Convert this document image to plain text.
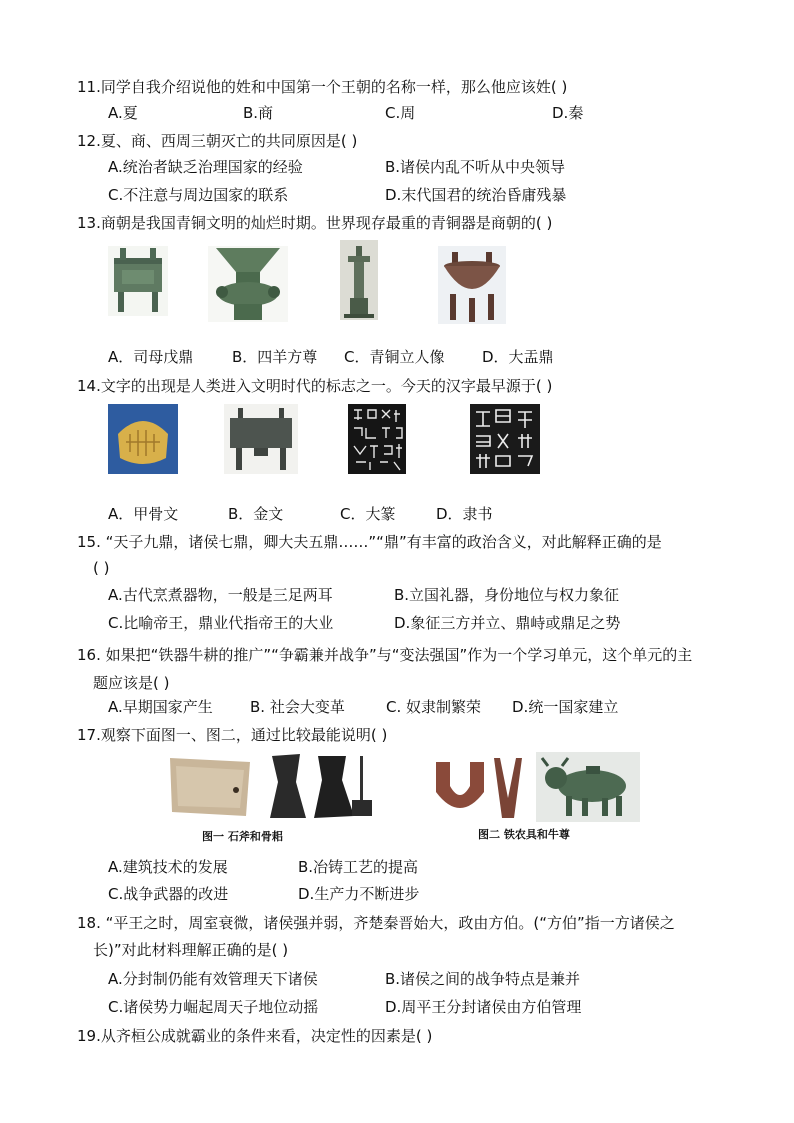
11.同学自我介绍说他的姓和中国第一个王朝的名称一样，那么他应该姓( )
A.夏	B.商	C.周	D.秦
12.夏、商、西周三朝灭亡的共同原因是( )
A.统治者缺乏治理国家的经验	B.诸侯内乱不听从中央领导
C.不注意与周边国家的联系	D.末代国君的统治昏庸残暴
13.商朝是我国青铜文明的灿烂时期。世界现存最重的青铜器是商朝的( )
A．司母戊鼎	B．四羊方尊 C．青铜立人像	D．大盂鼎
14.文字的出现是人类进入文明时代的标志之一。今天的汉字最早源于( )
A．甲骨文	B．金文	C．大篆	D．隶书
15. “天子九鼎，诸侯七鼎，卿大夫五鼎……”“鼎”有丰富的政治含义，对此解释正确的是
( )
A.古代烹煮器物，一般是三足两耳	B.立国礼器，身份地位与权力象征
C.比喻帝王，鼎业代指帝王的大业	D.象征三方并立、鼎峙或鼎足之势
16. 如果把“铁器牛耕的推广”“争霸兼并战争”与“变法强国”作为一个学习单元，这个单元的主
题应该是( )
A.早期国家产生 B. 社会大变革	C. 奴隶制繁荣 D.统一国家建立
17.观察下面图一、图二，通过比较最能说明( )
图一 石斧和骨耜	图二 铁农具和牛尊
A.建筑技术的发展	B.冶铸工艺的提高
C.战争武器的改进	D.生产力不断进步
18. “平王之时，周室衰微，诸侯强并弱，齐楚秦晋始大，政由方伯。(“方伯”指一方诸侯之
长)”对此材料理解正确的是( )
A.分封制仍能有效管理天下诸侯	B.诸侯之间的战争特点是兼并
C.诸侯势力崛起周天子地位动摇	D.周平王分封诸侯由方伯管理
19.从齐桓公成就霸业的条件来看，决定性的因素是( )
